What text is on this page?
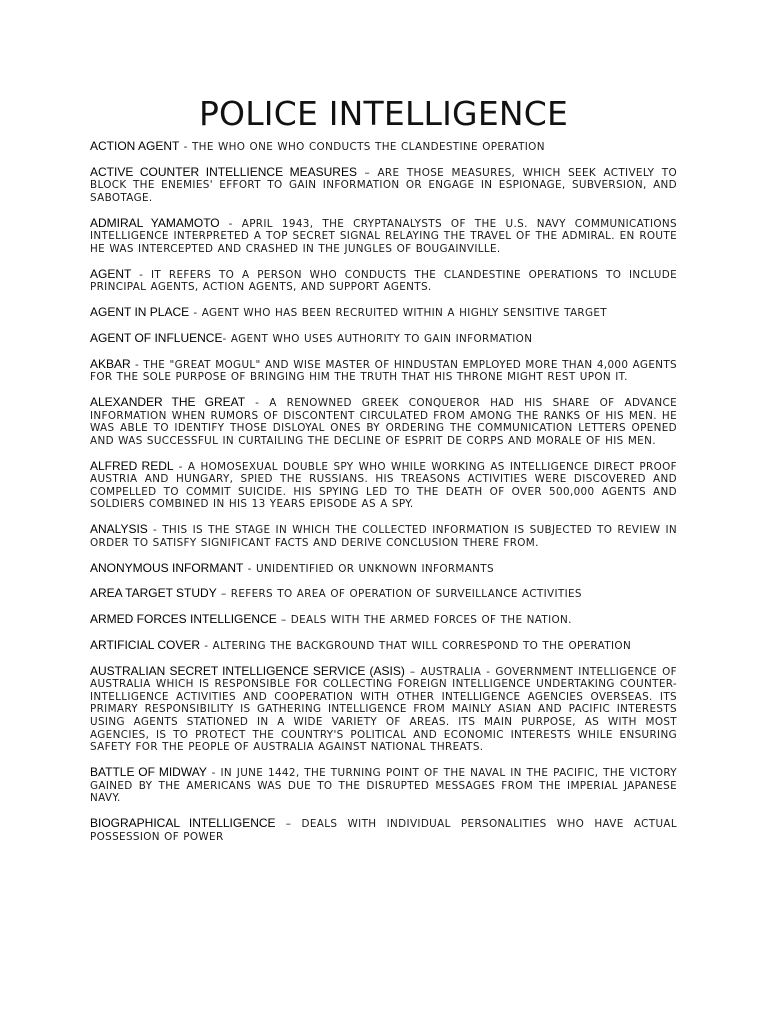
POLICE INTELLIGENCE

ACTION AGENT - THE WHO ONE WHO CONDUCTS THE CLANDESTINE OPERATION

ACTIVE COUNTER INTELLIENCE MEASURES – ARE THOSE MEASURES, WHICH SEEK ACTIVELY TO BLOCK THE ENEMIES' EFFORT TO GAIN INFORMATION OR ENGAGE IN ESPIONAGE, SUBVERSION, AND SABOTAGE.

ADMIRAL YAMAMOTO - APRIL 1943, THE CRYPTANALYSTS OF THE U.S. NAVY COMMUNICATIONS INTELLIGENCE INTERPRETED A TOP SECRET SIGNAL RELAYING THE TRAVEL OF THE ADMIRAL. EN ROUTE HE WAS INTERCEPTED AND CRASHED IN THE JUNGLES OF BOUGAINVILLE.

AGENT - IT REFERS TO A PERSON WHO CONDUCTS THE CLANDESTINE OPERATIONS TO INCLUDE PRINCIPAL AGENTS, ACTION AGENTS, AND SUPPORT AGENTS.

AGENT IN PLACE - AGENT WHO HAS BEEN RECRUITED WITHIN A HIGHLY SENSITIVE TARGET

AGENT OF INFLUENCE- AGENT WHO USES AUTHORITY TO GAIN INFORMATION

AKBAR - THE "GREAT MOGUL" AND WISE MASTER OF HINDUSTAN EMPLOYED MORE THAN 4,000 AGENTS FOR THE SOLE PURPOSE OF BRINGING HIM THE TRUTH THAT HIS THRONE MIGHT REST UPON IT.

ALEXANDER THE GREAT - A RENOWNED GREEK CONQUEROR HAD HIS SHARE OF ADVANCE INFORMATION WHEN RUMORS OF DISCONTENT CIRCULATED FROM AMONG THE RANKS OF HIS MEN. HE WAS ABLE TO IDENTIFY THOSE DISLOYAL ONES BY ORDERING THE COMMUNICATION LETTERS OPENED AND WAS SUCCESSFUL IN CURTAILING THE DECLINE OF ESPRIT DE CORPS AND MORALE OF HIS MEN.

ALFRED REDL - A HOMOSEXUAL DOUBLE SPY WHO WHILE WORKING AS INTELLIGENCE DIRECT PROOF AUSTRIA AND HUNGARY, SPIED THE RUSSIANS. HIS TREASONS ACTIVITIES WERE DISCOVERED AND COMPELLED TO COMMIT SUICIDE. HIS SPYING LED TO THE DEATH OF OVER 500,000 AGENTS AND SOLDIERS COMBINED IN HIS 13 YEARS EPISODE AS A SPY.

ANALYSIS - THIS IS THE STAGE IN WHICH THE COLLECTED INFORMATION IS SUBJECTED TO REVIEW IN ORDER TO SATISFY SIGNIFICANT FACTS AND DERIVE CONCLUSION THERE FROM.

ANONYMOUS INFORMANT - UNIDENTIFIED OR UNKNOWN INFORMANTS

AREA TARGET STUDY – REFERS TO AREA OF OPERATION OF SURVEILLANCE ACTIVITIES

ARMED FORCES INTELLIGENCE – DEALS WITH THE ARMED FORCES OF THE NATION.

ARTIFICIAL COVER - ALTERING THE BACKGROUND THAT WILL CORRESPOND TO THE OPERATION

AUSTRALIAN SECRET INTELLIGENCE SERVICE (ASIS) – AUSTRALIA - GOVERNMENT INTELLIGENCE OF AUSTRALIA WHICH IS RESPONSIBLE FOR COLLECTING FOREIGN INTELLIGENCE UNDERTAKING COUNTER-INTELLIGENCE ACTIVITIES AND COOPERATION WITH OTHER INTELLIGENCE AGENCIES OVERSEAS. ITS PRIMARY RESPONSIBILITY IS GATHERING INTELLIGENCE FROM MAINLY ASIAN AND PACIFIC INTERESTS USING AGENTS STATIONED IN A WIDE VARIETY OF AREAS. ITS MAIN PURPOSE, AS WITH MOST AGENCIES, IS TO PROTECT THE COUNTRY'S POLITICAL AND ECONOMIC INTERESTS WHILE ENSURING SAFETY FOR THE PEOPLE OF AUSTRALIA AGAINST NATIONAL THREATS.

BATTLE OF MIDWAY - IN JUNE 1442, THE TURNING POINT OF THE NAVAL IN THE PACIFIC, THE VICTORY GAINED BY THE AMERICANS WAS DUE TO THE DISRUPTED MESSAGES FROM THE IMPERIAL JAPANESE NAVY.

BIOGRAPHICAL INTELLIGENCE – DEALS WITH INDIVIDUAL PERSONALITIES WHO HAVE ACTUAL POSSESSION OF POWER
